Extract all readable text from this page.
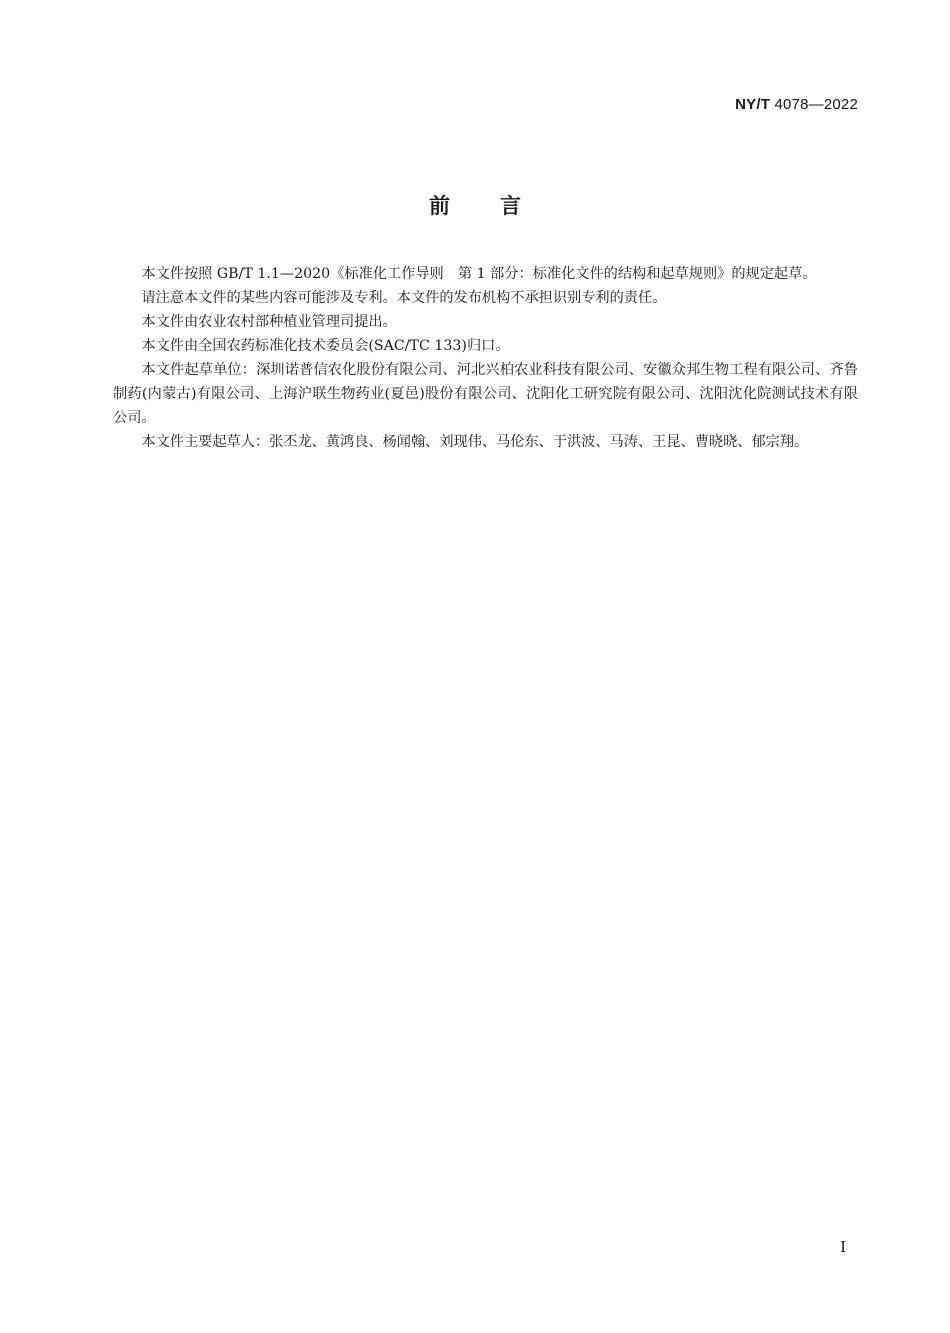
NY/T 4078—2022
前言

本文件按照 GB/T 1.1—2020《标准化工作导则　第 1 部分：标准化文件的结构和起草规则》的规定起草。

请注意本文件的某些内容可能涉及专利。本文件的发布机构不承担识别专利的责任。

本文件由农业农村部种植业管理司提出。

本文件由全国农药标准化技术委员会(SAC/TC 133)归口。

本文件起草单位：深圳诺普信农化股份有限公司、河北兴柏农业科技有限公司、安徽众邦生物工程有限公司、齐鲁制药(内蒙古)有限公司、上海沪联生物药业(夏邑)股份有限公司、沈阳化工研究院有限公司、沈阳沈化院测试技术有限公司。

本文件主要起草人：张丕龙、黄鸿良、杨闻翰、刘现伟、马伦东、于洪波、马涛、王昆、曹晓晓、郁宗翔。

I
